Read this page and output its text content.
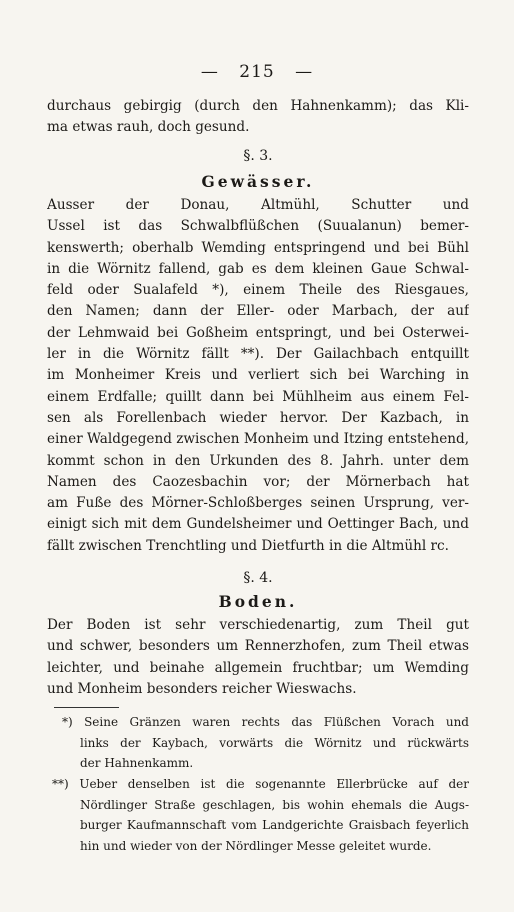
— 215 —
durchaus gebirgig (durch den Hahnenkamm); das Kli-
ma etwas rauh, doch gesund.
§. 3.
Gewässer.
Ausser der Donau, Altmühl, Schutter und
Ussel ist das Schwalbflüßchen (Suualanun) bemer-
kenswerth; oberhalb Wemding entspringend und bei Bühl
in die Wörnitz fallend, gab es dem kleinen Gaue Schwal-
feld oder Sualafeld *), einem Theile des Riesgaues,
den Namen; dann der Eller- oder Marbach, der auf
der Lehmwaid bei Goßheim entspringt, und bei Osterwei-
ler in die Wörnitz fällt **). Der Gailachbach entquillt
im Monheimer Kreis und verliert sich bei Warching in
einem Erdfalle; quillt dann bei Mühlheim aus einem Fel-
sen als Forellenbach wieder hervor. Der Kazbach, in
einer Waldgegend zwischen Monheim und Itzing entstehend,
kommt schon in den Urkunden des 8. Jahrh. unter dem
Namen des Caozesbachin vor; der Mörnerbach hat
am Fuße des Mörner-Schloßberges seinen Ursprung, ver-
einigt sich mit dem Gundelsheimer und Oettinger Bach, und
fällt zwischen Trenchtling und Dietfurth in die Altmühl rc.
§. 4.
Boden.
Der Boden ist sehr verschiedenartig, zum Theil gut
und schwer, besonders um Rennerzhofen, zum Theil etwas
leichter, und beinahe allgemein fruchtbar; um Wemding
und Monheim besonders reicher Wieswachs.
*) Seine Gränzen waren rechts das Flüßchen Vorach und
links der Kaybach, vorwärts die Wörnitz und rückwärts
der Hahnenkamm.
**) Ueber denselben ist die sogenannte Ellerbrücke auf der
Nördlinger Straße geschlagen, bis wohin ehemals die Augs-
burger Kaufmannschaft vom Landgerichte Graisbach feyerlich
hin und wieder von der Nördlinger Messe geleitet wurde.
